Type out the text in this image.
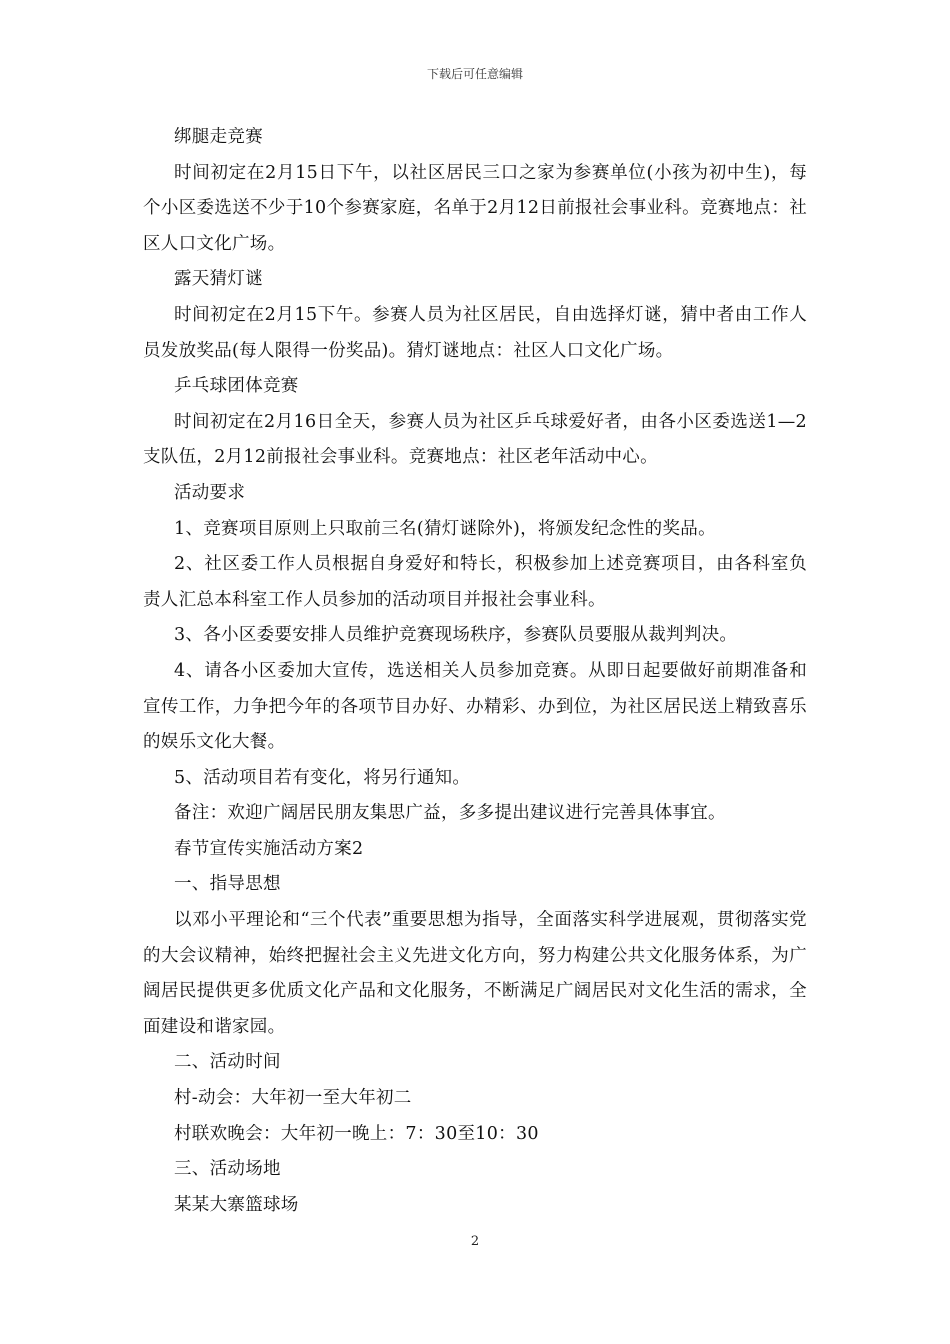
下载后可任意编辑

绑腿走竞赛

时间初定在2月15日下午，以社区居民三口之家为参赛单位(小孩为初中生)，每个小区委选送不少于10个参赛家庭，名单于2月12日前报社会事业科。竞赛地点：社区人口文化广场。

露天猜灯谜

时间初定在2月15下午。参赛人员为社区居民，自由选择灯谜，猜中者由工作人员发放奖品(每人限得一份奖品)。猜灯谜地点：社区人口文化广场。

乒乓球团体竞赛

时间初定在2月16日全天，参赛人员为社区乒乓球爱好者，由各小区委选送1—2支队伍，2月12前报社会事业科。竞赛地点：社区老年活动中心。

活动要求

1、竞赛项目原则上只取前三名(猜灯谜除外)，将颁发纪念性的奖品。

2、社区委工作人员根据自身爱好和特长，积极参加上述竞赛项目，由各科室负责人汇总本科室工作人员参加的活动项目并报社会事业科。

3、各小区委要安排人员维护竞赛现场秩序，参赛队员要服从裁判判决。

4、请各小区委加大宣传，选送相关人员参加竞赛。从即日起要做好前期准备和宣传工作，力争把今年的各项节目办好、办精彩、办到位，为社区居民送上精致喜乐的娱乐文化大餐。

5、活动项目若有变化，将另行通知。

备注：欢迎广阔居民朋友集思广益，多多提出建议进行完善具体事宜。

春节宣传实施活动方案2

一、指导思想

以邓小平理论和“三个代表”重要思想为指导，全面落实科学进展观，贯彻落实党的大会议精神，始终把握社会主义先进文化方向，努力构建公共文化服务体系，为广阔居民提供更多优质文化产品和文化服务，不断满足广阔居民对文化生活的需求，全面建设和谐家园。

二、活动时间

村-动会：大年初一至大年初二

村联欢晚会：大年初一晚上：7：30至10：30

三、活动场地

某某大寨篮球场

2
